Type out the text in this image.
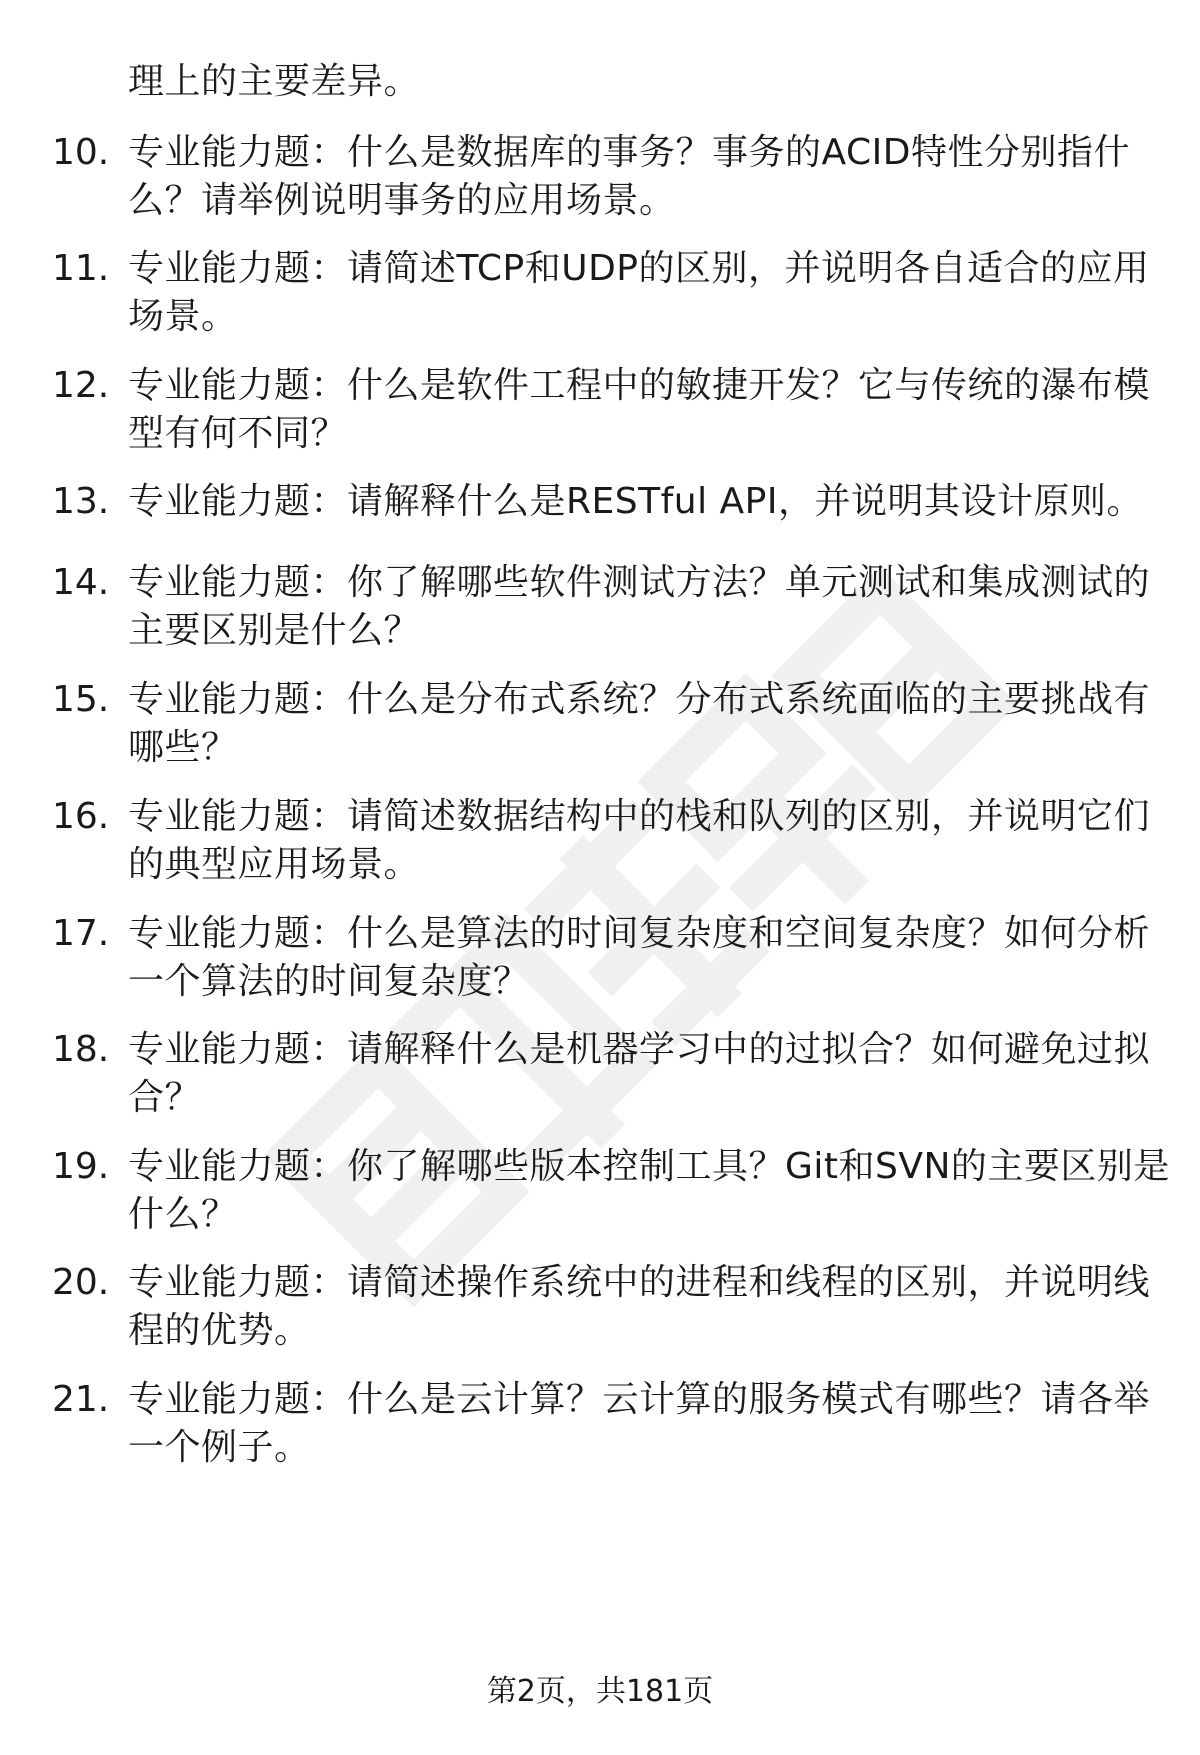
理上的主要差异。
10. 专业能力题：什么是数据库的事务？事务的ACID特性分别指什
么？请举例说明事务的应用场景。
11. 专业能力题：请简述TCP和UDP的区别，并说明各自适合的应用
场景。
12. 专业能力题：什么是软件工程中的敏捷开发？它与传统的瀑布模
型有何不同？
13. 专业能力题：请解释什么是RESTful API，并说明其设计原则。
14. 专业能力题：你了解哪些软件测试方法？单元测试和集成测试的
主要区别是什么？
15. 专业能力题：什么是分布式系统？分布式系统面临的主要挑战有
哪些？
16. 专业能力题：请简述数据结构中的栈和队列的区别，并说明它们
的典型应用场景。
17. 专业能力题：什么是算法的时间复杂度和空间复杂度？如何分析
一个算法的时间复杂度？
18. 专业能力题：请解释什么是机器学习中的过拟合？如何避免过拟
合？
19. 专业能力题：你了解哪些版本控制工具？Git和SVN的主要区别是
什么？
20. 专业能力题：请简述操作系统中的进程和线程的区别，并说明线
程的优势。
21. 专业能力题：什么是云计算？云计算的服务模式有哪些？请各举
一个例子。
第2页，共181页
